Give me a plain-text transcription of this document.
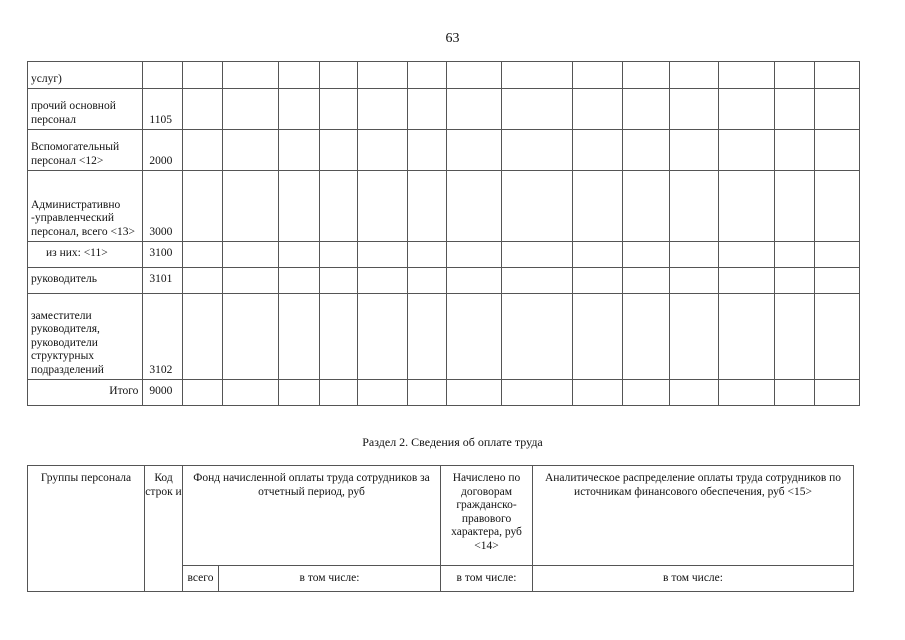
63
услуг)															
прочий основной персонал	1105														
Вспомогательный персонал <12>	2000														
Административно -управленческий персонал, всего <13>	3000														
из них: <11>	3100														
руководитель	3101														
заместители руководителя, руководители структурных подразделений	3102														
Итого	9000														
Раздел 2. Сведения об оплате труда
Группы персонала	Код строк и	Фонд начисленной оплаты труда сотрудников за отчетный период, руб		Начислено по договорам гражданско-правового характера, руб <14>	Аналитическое распределение оплаты труда сотрудников по источникам финансового обеспечения, руб <15>
		всего	в том числе:	в том числе:	в том числе:
